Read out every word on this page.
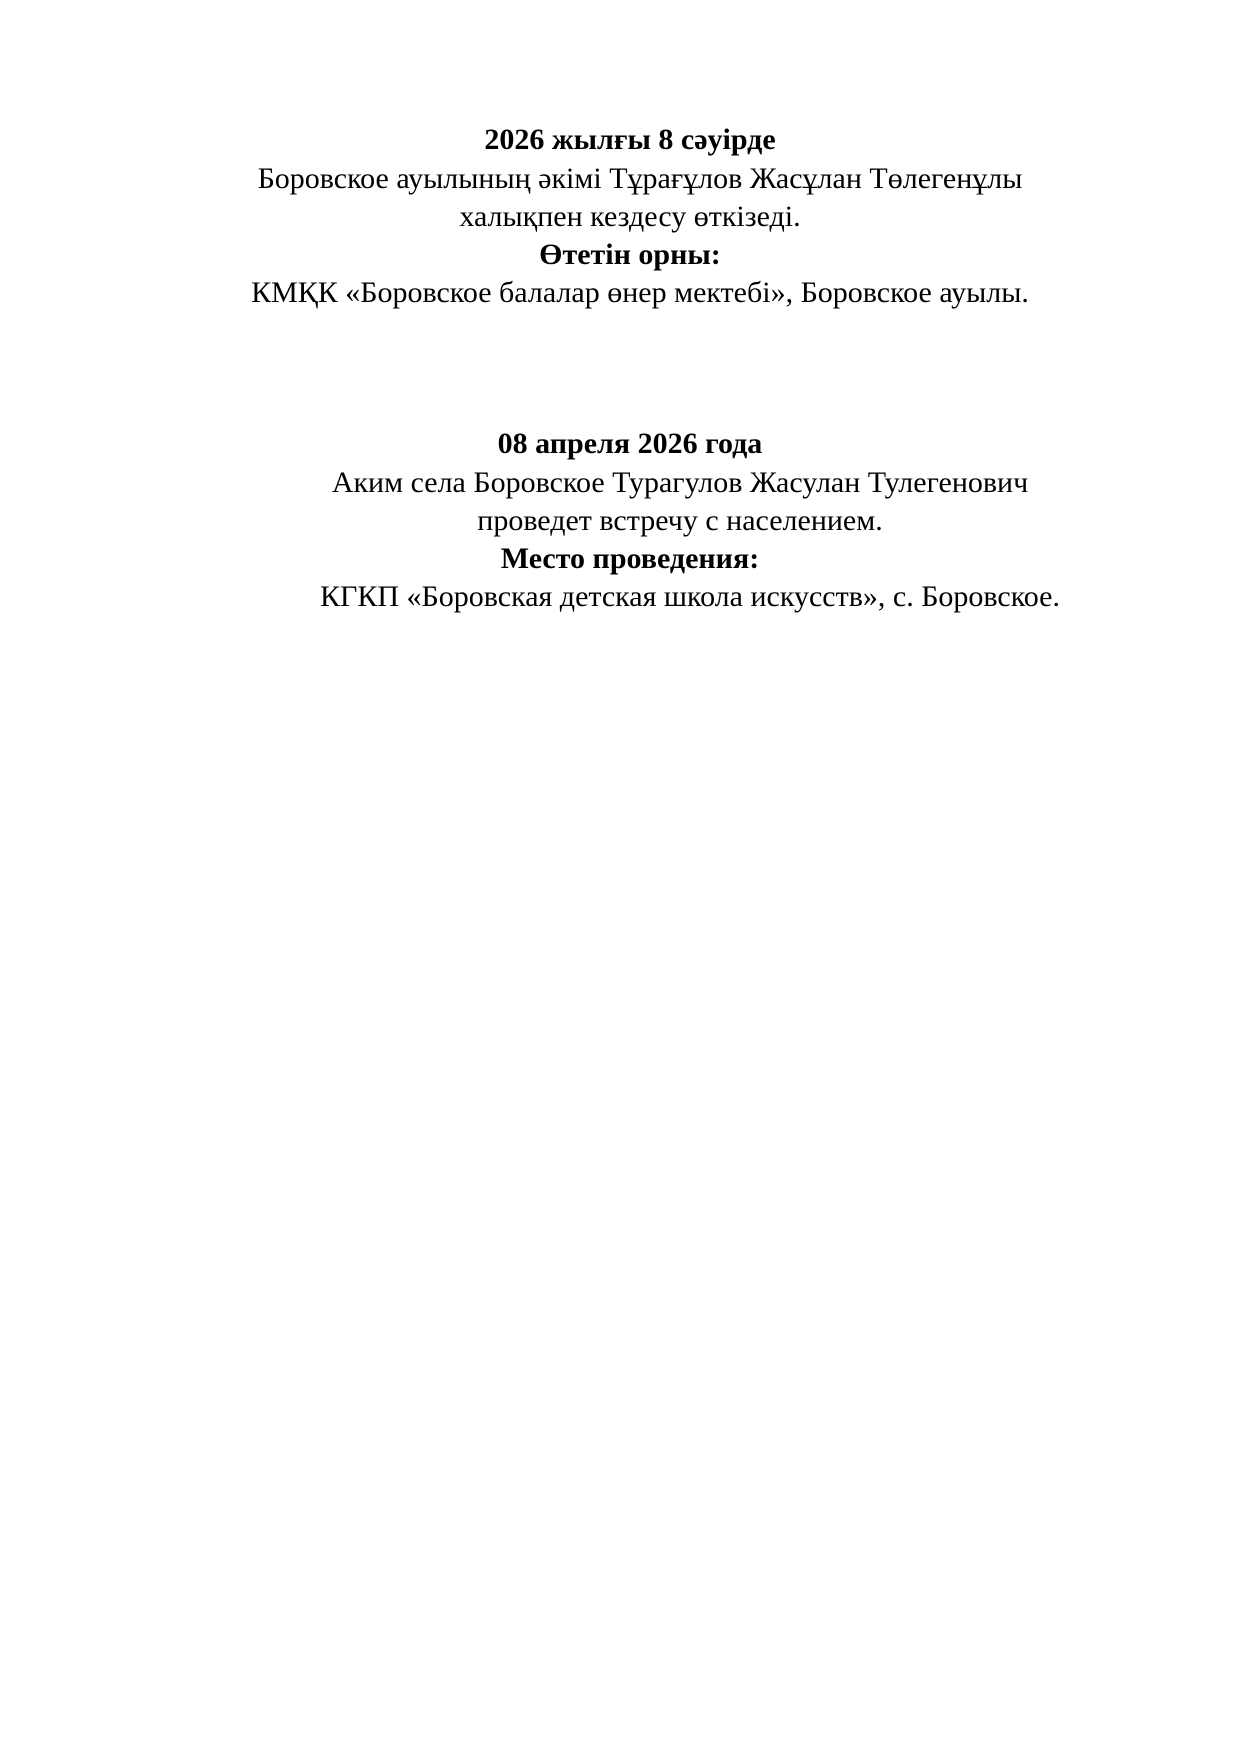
2026 жылғы 8 сәуірде
Боровское ауылының әкімі Тұрағұлов Жасұлан Төлегенұлы
халықпен кездесу өткізеді.
Өтетін орны:
КМҚК «Боровское балалар өнер мектебі», Боровское ауылы.
08 апреля 2026 года
Аким села Боровское Турагулов Жасулан Тулегенович
проведет встречу с населением.
Место проведения:
КГКП «Боровская детская школа искусств», с. Боровское.
